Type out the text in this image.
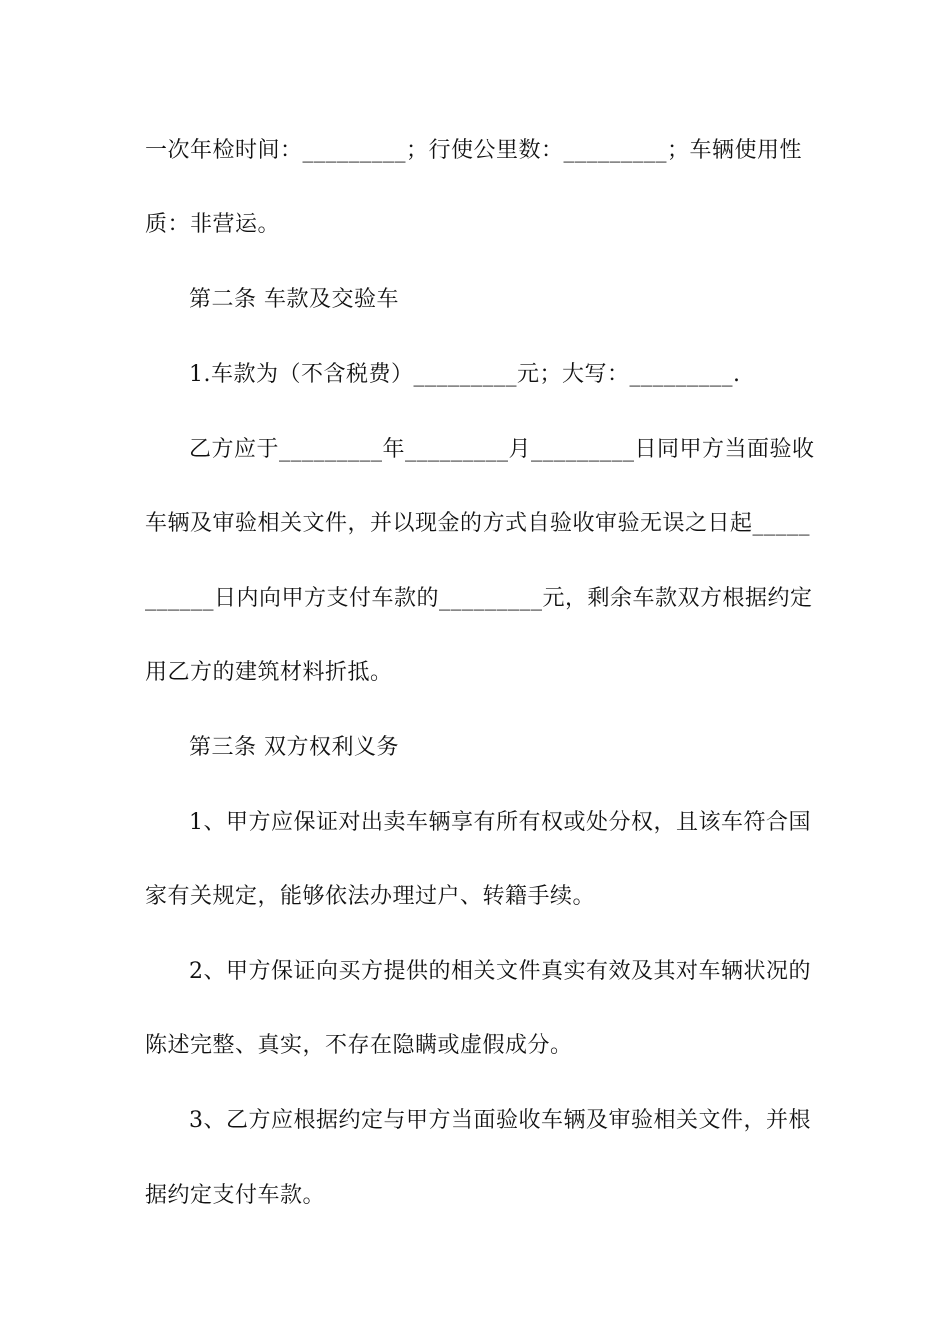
一次年检时间：_________；行使公里数：_________；车辆使用性
质：非营运。
第二条 车款及交验车
1.车款为（不含税费）_________元；大写：_________.
乙方应于_________年_________月_________日同甲方当面验收
车辆及审验相关文件，并以现金的方式自验收审验无误之日起_____
______日内向甲方支付车款的_________元，剩余车款双方根据约定
用乙方的建筑材料折抵。
第三条 双方权利义务
1、甲方应保证对出卖车辆享有所有权或处分权，且该车符合国
家有关规定，能够依法办理过户、转籍手续。
2、甲方保证向买方提供的相关文件真实有效及其对车辆状况的
陈述完整、真实，不存在隐瞒或虚假成分。
3、乙方应根据约定与甲方当面验收车辆及审验相关文件，并根
据约定支付车款。
